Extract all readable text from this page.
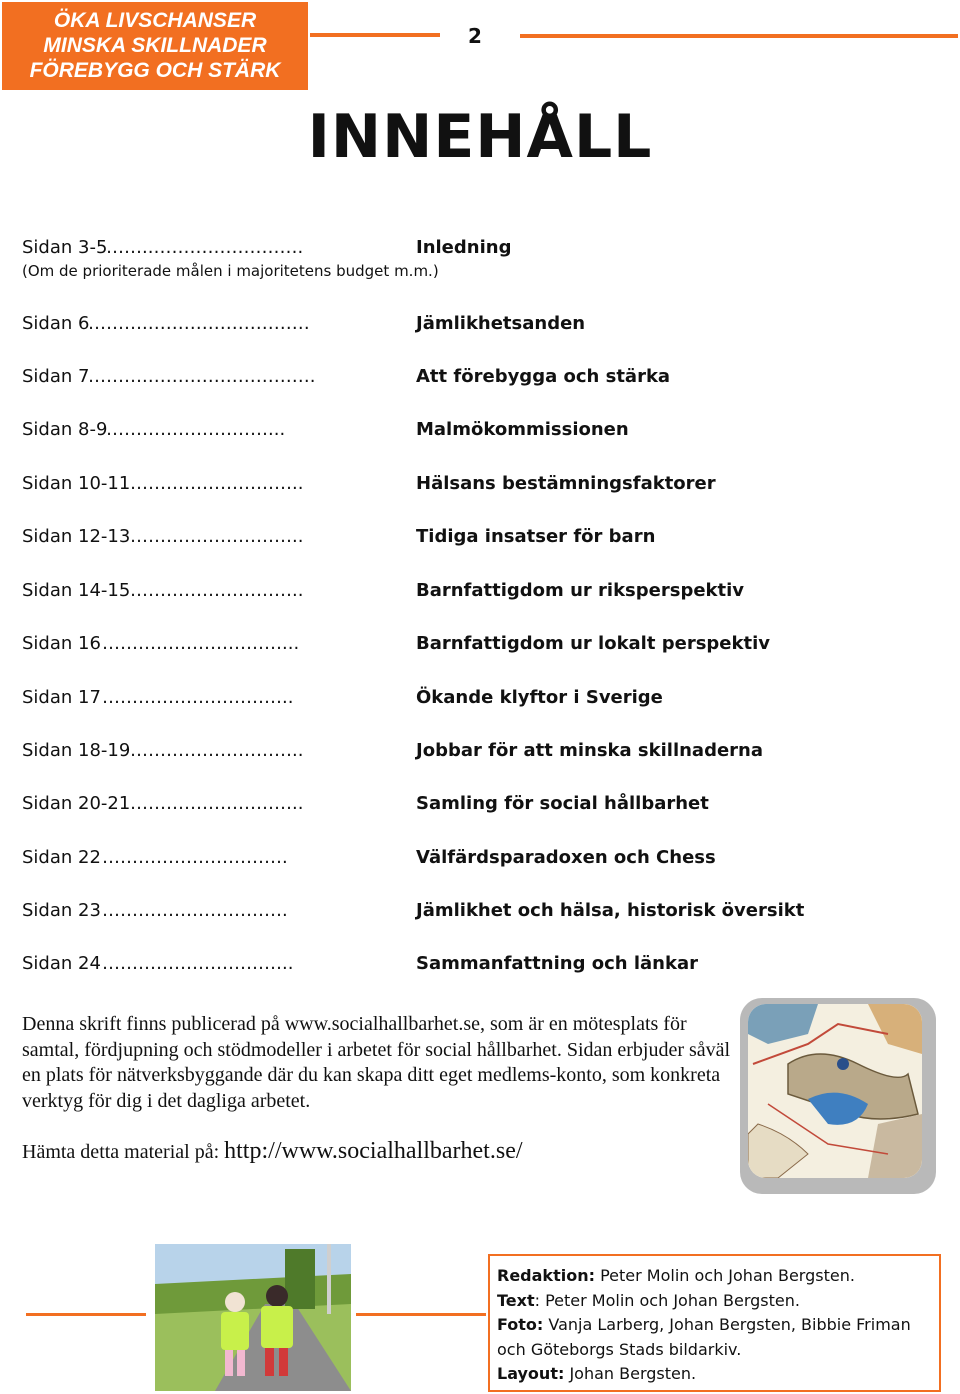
ÖKA LIVSCHANSER
MINSKA SKILLNADER
FÖREBYGG OCH STÄRK
2
INNEHÅLL
Sidan 3-5
……..…………………….	Inledning
(Om de prioriterade målen i majoritetens budget m.m.)
Sidan 6
……….………………………	Jämlikhetsanden
Sidan 7
……….……………………….	Att förebygga och stärka
Sidan 8-9
………………………...	Malmökommissionen
Sidan 10-11 ………………………..	Hälsans bestämningsfaktorer
Sidan 12-13 ………………………..	Tidiga insatser för barn
Sidan 14-15 ………………………..	Barnfattigdom ur riksperspektiv
Sidan 16 …………………………...	Barnfattigdom ur lokalt perspektiv
Sidan 17 …………………………..	Ökande klyftor i Sverige
Sidan 18-19 ………………………..	Jobbar för att minska skillnaderna
Sidan 20-21 ………………………..	Samling för social hållbarhet
Sidan 22 ………………………….	Välfärdsparadoxen och Chess
Sidan 23 ………………………….	Jämlikhet och hälsa, historisk översikt
Sidan 24 …………………………..	Sammanfattning och länkar
Denna skrift finns publicerad på www.socialhallbarhet.se, som är en mötesplats för samtal, fördjupning och stödmodeller i arbetet för social hållbarhet. Sidan erbjuder såväl en plats för nätverksbyggande där du kan skapa ditt eget medlems-konto, som konkreta verktyg för dig i det dagliga arbetet.
Hämta detta material på: http://www.socialhallbarhet.se/
Redaktion: Peter Molin och Johan Bergsten.
Text: Peter Molin och Johan Bergsten.
Foto: Vanja Larberg, Johan Bergsten, Bibbie Friman och Göteborgs Stads bildarkiv.
Layout: Johan Bergsten.
